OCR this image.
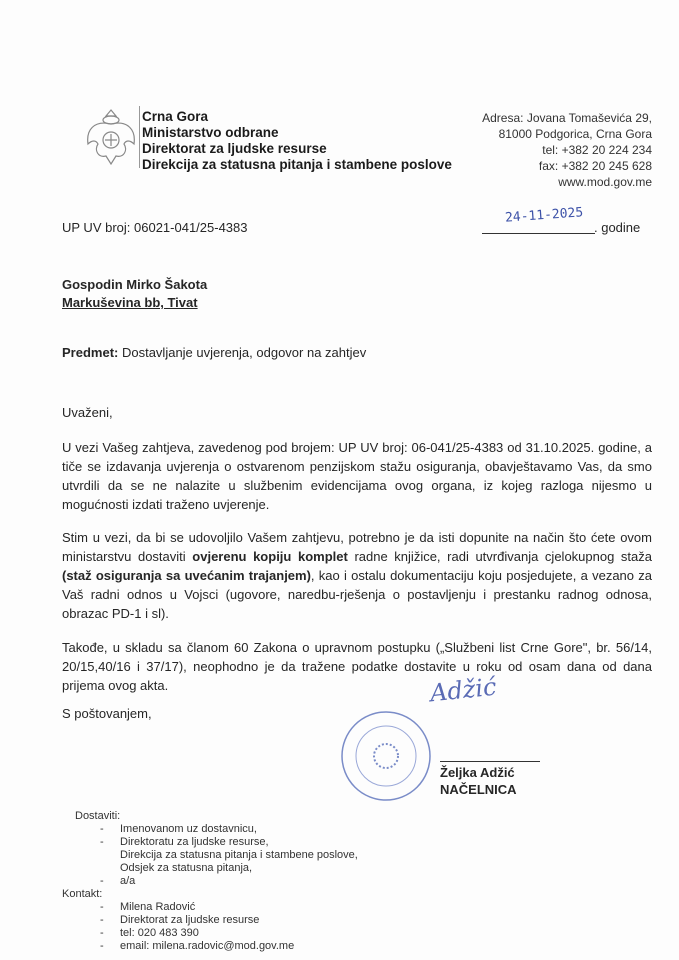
Crna Gora
Ministarstvo odbrane
Direktorat za ljudske resurse
Direkcija za statusna pitanja i stambene poslove
Adresa: Jovana Tomaševića 29,
81000 Podgorica, Crna Gora
tel: +382 20 224 234
fax: +382 20 245 628
www.mod.gov.me
UP UV broj: 06021-041/25-4383
24-11-2025
. godine
Gospodin Mirko Šakota
Markuševina bb, Tivat
Predmet: Dostavljanje uvjerenja, odgovor na zahtjev
Uvaženi,
U vezi Vašeg zahtjeva, zavedenog pod brojem: UP UV broj: 06-041/25-4383 od 31.10.2025. godine, a tiče se izdavanja uvjerenja o ostvarenom penzijskom stažu osiguranja, obavještavamo Vas, da smo utvrdili da se ne nalazite u službenim evidencijama ovog organa, iz kojeg razloga nijesmo u mogućnosti izdati traženo uvjerenje.
Stim u vezi, da bi se udovoljilo Vašem zahtjevu, potrebno je da isti dopunite na način što ćete ovom ministarstvu dostaviti ovjerenu kopiju komplet radne knjižice, radi utvrđivanja cjelokupnog staža (staž osiguranja sa uvećanim trajanjem), kao i ostalu dokumentaciju koju posjedujete, a vezano za Vaš radni odnos u Vojsci (ugovore, naredbu-rješenja o postavljenju i prestanku radnog odnosa, obrazac PD-1 i sl).
Takođe, u skladu sa članom 60 Zakona o upravnom postupku („Službeni list Crne Gore", br. 56/14, 20/15,40/16 i 37/17), neophodno je da tražene podatke dostavite u roku od osam dana od dana prijema ovog akta.
S poštovanjem,
Adžić
Željka Adžić
NAČELNICA
Dostaviti:
- Imenovanom uz dostavnicu,
- Direktoratu za ljudske resurse,
Direkcija za statusna pitanja i stambene poslove,
Odsjek za statusna pitanja,
- a/a
Kontakt:
- Milena Radović
- Direktorat za ljudske resurse
- tel: 020 483 390
- email: milena.radovic@mod.gov.me
